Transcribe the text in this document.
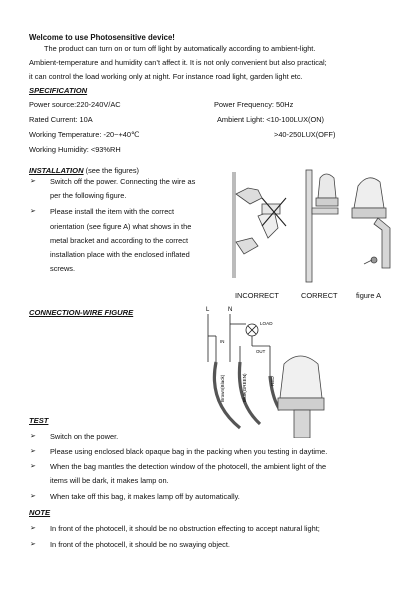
Welcome to use Photosensitive device!
The product can turn on or turn off light by automatically according to ambient-light.
Ambient-temperature and humidity can’t affect it. It is not only convenient but also practical;
it can control the load working only at night. For instance road light, garden light etc.
SPECIFICATION
Power source:220-240V/AC	Power Frequency: 50Hz
Rated Current: 10A	Ambient Light: <10-100LUX(ON)
Working Temperature: -20~+40℃	>40-250LUX(OFF)
Working Humidity: <93%RH
INSTALLATION (see the figures)
➢ Switch off the power. Connecting the wire as
per the following figure.
➢ Please install the item with the correct
orientation (see figure A) what shows in the
metal bracket and according to the correct
installation place with the enclosed inflated
screws.
INCORRECT	CORRECT figure A
CONNECTION-WIRE FIGURE	L	N
LOAD
IN
OUT
Brown(Black)	Blue(GREEN)	RED
TEST
➢ Switch on the power.
➢ Please using enclosed black opaque bag in the packing when you testing in daytime.
➢ When the bag mantles the detection window of the photocell, the ambient light of the
items will be dark, it makes lamp on.
➢ When take off this bag, it makes lamp off by automatically.
NOTE
➢ In front of the photocell, it should be no obstruction effecting to accept natural light;
➢ In front of the photocell, it should be no swaying object.
